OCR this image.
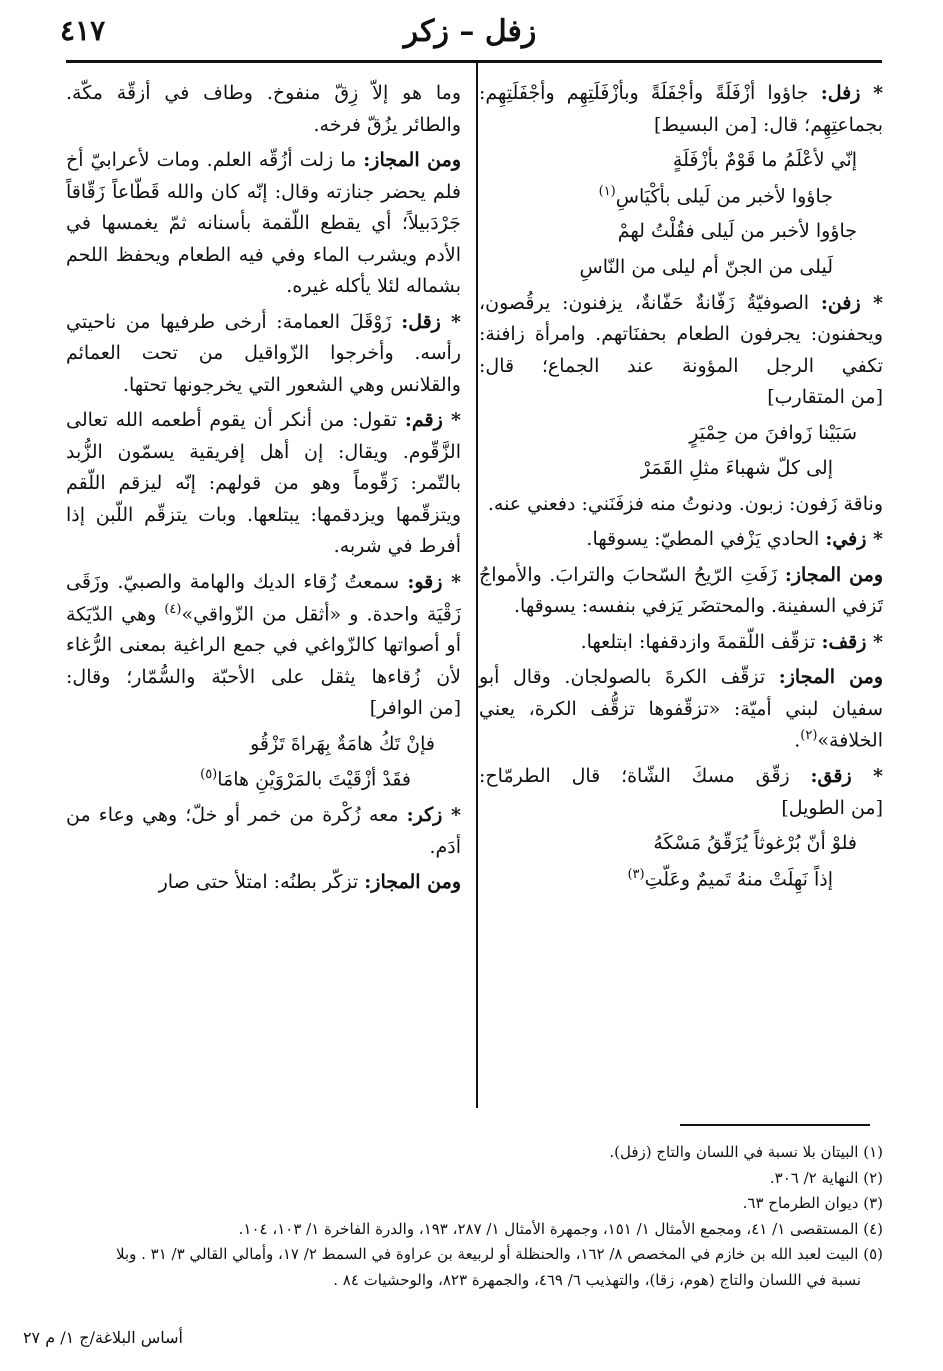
٤١٧	زفل – زكر

* زفل: جاؤوا أزْفَلَةً وأجْفَلَةً وبأزْفَلَتِهِم وأجْفَلَتِهِم: بجماعتِهِم؛ قال: [من البسيط]

إنّي لأعْلَمُ ما قَوْمٌ بأزْفَلَةٍ

جاؤوا لأخبر من لَيلى بأكْيَاسِ$^{(١)}$

جاؤوا لأخبر من لَيلى فقُلْتُ لهمْ

لَيلى من الجنّ أم ليلى من النّاسِ

* زفن: الصوفيّةُ زَفّانةٌ حَفّانةٌ، يزفنون: يرقُصون، ويحفنون: يجرفون الطعام بحفنَاتهم. وامرأة زافنة: تكفي الرجل المؤونة عند الجماع؛ قال: [من المتقارب]

سَبَيْنا زَوافنَ من حِمْيَرٍ

إلى كلّ شهباءَ مثلِ القَمَرْ

وناقة زَفون: زبون. ودنوتُ منه فزفَنَني: دفعني عنه.

* زفي: الحادي يَزْفي المطيّ: يسوقها.

ومن المجاز: زَفَتِ الرّيحُ السّحابَ والترابَ. والأمواجُ تَزفي السفينة. والمحتضَر يَزفي بنفسه: يسوقها.

* زقف: تزقّف اللّقمةَ وازدقفها: ابتلعها.

ومن المجاز: تزقّف الكرةَ بالصولجان. وقال أبو سفيان لبني أميّة: «تزقّفوها تزقُّف الكرة، يعني الخلافة»$^{(٢)}$.

* زقق: زقّق مسكَ الشّاة؛ قال الطرمّاح: [من الطويل]

فلوْ أنّ بُرْغوثاً يُزَقّقُ مَسْكَهُ

إذاً نَهِلَتْ منهُ تَميمٌ وعَلّتِ$^{(٣)}$

وما هو إلاّ زِقّ منفوخ. وطاف في أزقّة مكّة. والطائر يزُقّ فرخه.

ومن المجاز: ما زلت أزُقّه العلم. ومات لأعرابيّ أخ فلم يحضر جنازته وقال: إنّه كان والله قَطّاعاً زَقّاقاً جَرْدَبيلاً؛ أي يقطع اللّقمة بأسنانه ثمّ يغمسها في الأدم ويشرب الماء وفي فيه الطعام ويحفظ اللحم بشماله لئلا يأكله غيره.

* زقل: زَوْقَلَ العمامة: أرخى طرفيها من ناحيتي رأسه. وأخرجوا الزّواقيل من تحت العمائم والقلانس وهي الشعور التي يخرجونها تحتها.

* زقم: تقول: من أنكر أن يقوم أطعمه الله تعالى الزَّقّوم. ويقال: إن أهل إفريقية يسمّون الزُّبد بالتّمر: زَقّوماً وهو من قولهم: إنّه ليزقم اللّقم ويتزقّمها ويزدقمها: يبتلعها. وبات يتزقّم اللّبن إذا أفرط في شربه.

* زقو: سمعتُ زُقاء الديك والهامة والصبيّ. وزَقَى زَقْيَة واحدة. و «أثقل من الزّواقي»$^{(٤)}$ وهي الدّيَكة أو أصواتها كالزّواغي في جمع الراغية بمعنى الرُّغاء لأن زُقاءها يثقل على الأحبّة والسُّمّار؛ وقال: [من الوافر]

فإنْ تَكُ هامَةٌ بِهَراةَ تَزْقُو

فقَدْ أزْقَيْتَ بالمَرْوَيْنِ هامَا$^{(٥)}$

* زكر: معه زُكْرة من خمر أو خلّ؛ وهي وعاء من أدَم.

ومن المجاز: تزكّر بطنُه: امتلأ حتى صار

(١) البيتان بلا نسبة في اللسان والتاج (زفل).
(٢) النهاية ٢/ ٣٠٦.
(٣) ديوان الطرماح ٦٣.
(٤) المستقصى ١/ ٤١، ومجمع الأمثال ١/ ١٥١، وجمهرة الأمثال ١/ ٢٨٧، ١٩٣، والدرة الفاخرة ١/ ١٠٣، ١٠٤.
(٥) البيت لعبد الله بن خازم في المخصص ٨/ ١٦٢، والحنظلة أو لربيعة بن عراوة في السمط ٢/ ١٧، وأمالي القالي ٣/ ٣١ . وبلا
نسبة في اللسان والتاج (هوم، زقا)، والتهذيب ٦/ ٤٦٩، والجمهرة ٨٢٣، والوحشيات ٨٤ .
أساس البلاغة/ج ١/ م ٢٧
